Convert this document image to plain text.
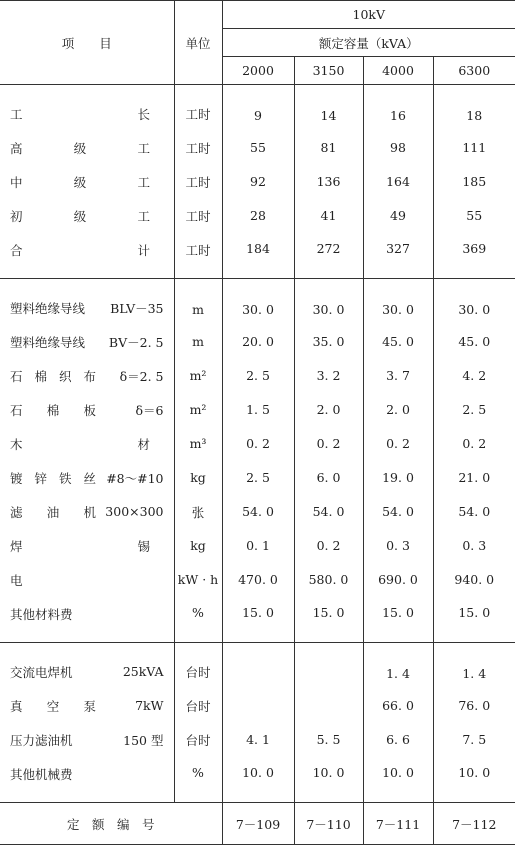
项　　目	单位	10kV			
		额定容量（kVA）			
		2000	3150	4000	6300

工 长	工时	9	14	16	18

高 级 工	工时	55	81	98	111

中 级 工	工时	92	136	164	185

初 级 工	工时	28	41	49	55

合 计	工时	184	272	327	369

塑料绝缘导线 BLV－35	m	30. 0	30. 0	30. 0	30. 0

塑料绝缘导线 BV－2. 5	m	20. 0	35. 0	45. 0	45. 0

石 棉 织 布 δ＝2. 5	m²	2. 5	3. 2	3. 7	4. 2

石 棉 板 δ＝6	m²	1. 5	2. 0	2. 0	2. 5

木 材	m³	0. 2	0. 2	0. 2	0. 2

镀 锌 铁 丝 #8～#10	kg	2. 5	6. 0	19. 0	21. 0

滤 油 机 300×300	张	54. 0	54. 0	54. 0	54. 0

焊 锡	kg	0. 1	0. 2	0. 3	0. 3

电	kW · h	470. 0	580. 0	690. 0	940. 0

其他材料费	%	15. 0	15. 0	15. 0	15. 0

交流电焊机 25kVA	台时			1. 4	1. 4

真 空 泵 7kW	台时			66. 0	76. 0

压力滤油机 150 型	台时	4. 1	5. 5	6. 6	7. 5

其他机械费	%	10. 0	10. 0	10. 0	10. 0
定　额　编　号		7－109	7－110	7－111	7－112
